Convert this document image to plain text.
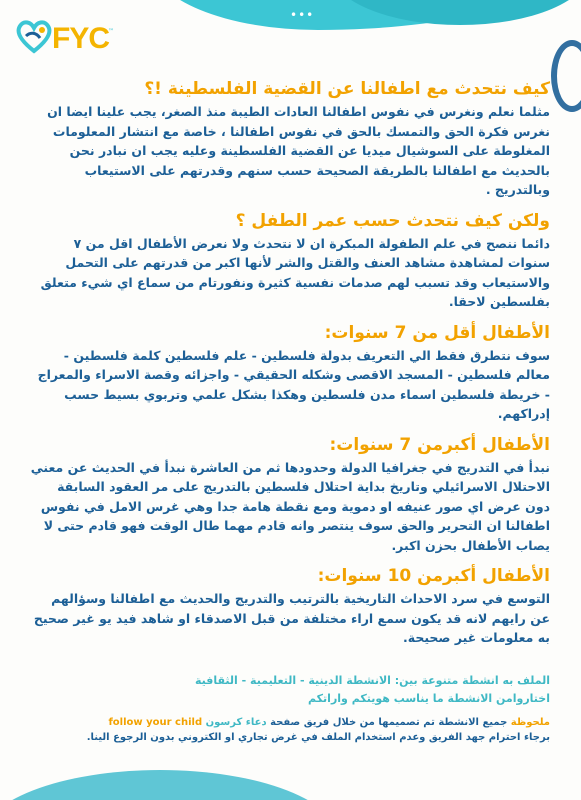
•••
FYC ™
كيف نتحدث مع اطفالنا عن القضية الفلسطينة !؟

مثلما نعلم ونغرس في نفوس اطفالنا العادات الطيبة منذ الصغر، يجب علينا ايضا ان نغرس فكرة الحق والتمسك بالحق في نفوس اطفالنا ، خاصة مع انتشار المعلومات المغلوطة على السوشيال ميديا عن القضية الفلسطينة وعليه يجب ان نبادر نحن بالحديث مع اطفالنا بالطريقة الصحيحة حسب سنهم وقدرتهم على الاستيعاب وبالتدريج .

ولكن كيف نتحدث حسب عمر الطفل ؟

دائما ننصح في علم الطفولة المبكرة ان لا نتحدث ولا نعرض الأطفال اقل من ٧ سنوات لمشاهدة مشاهد العنف والقتل والشر لأنها اكبر من قدرتهم على التحمل والاستيعاب وقد تسبب لهم صدمات نفسية كثيرة ونفورتام من سماع اي شيء متعلق بفلسطين لاحقا.

الأطفال أقل من 7 سنوات:

سوف نتطرق فقط الي التعريف بدولة فلسطين - علم فلسطين كلمة فلسطين - معالم فلسطين - المسجد الاقصى وشكله الحقيقي - واجزائه وقصة الاسراء والمعراج - خريطة فلسطين اسماء مدن فلسطين وهكذا بشكل علمي وتربوي بسيط حسب إدراكهم.

الأطفال أكبرمن 7 سنوات:

نبدأ في التدريج في جغرافيا الدولة وحدودها ثم من العاشرة نبدأ في الحديث عن معني الاحتلال الاسرائيلي وتاريخ بداية احتلال فلسطين بالتدريج على مر العقود السابقة دون عرض اي صور عنيفه او دموية ومع نقطة هامة جدا وهي غرس الامل في نفوس اطفالنا ان التحرير والحق سوف ينتصر وانه قادم مهما طال الوقت فهو قادم حتى لا يصاب الأطفال بحزن اكبر.

الأطفال أكبرمن 10 سنوات:

التوسع في سرد الاحداث التاريخية بالترتيب والتدريج والحديث مع اطفالنا وسؤالهم عن رايهم لانه قد يكون سمع اراء مختلفة من قبل الاصدقاء او شاهد فيد يو غير صحيح به معلومات غير صحيحة.

الملف به انشطة متنوعة بين: الانشطة الدينية - التعليمية - الثقافية
اختاروامن الانشطة ما يناسب هويتكم واراتكم
ملحوظة جميع الانشطة تم تصميمها من خلال فريق صفحة دعاء كرسون follow your child
برجاء احترام جهد الفريق وعدم استخدام الملف في غرض تجاري او الكتروني بدون الرجوع الينا.
